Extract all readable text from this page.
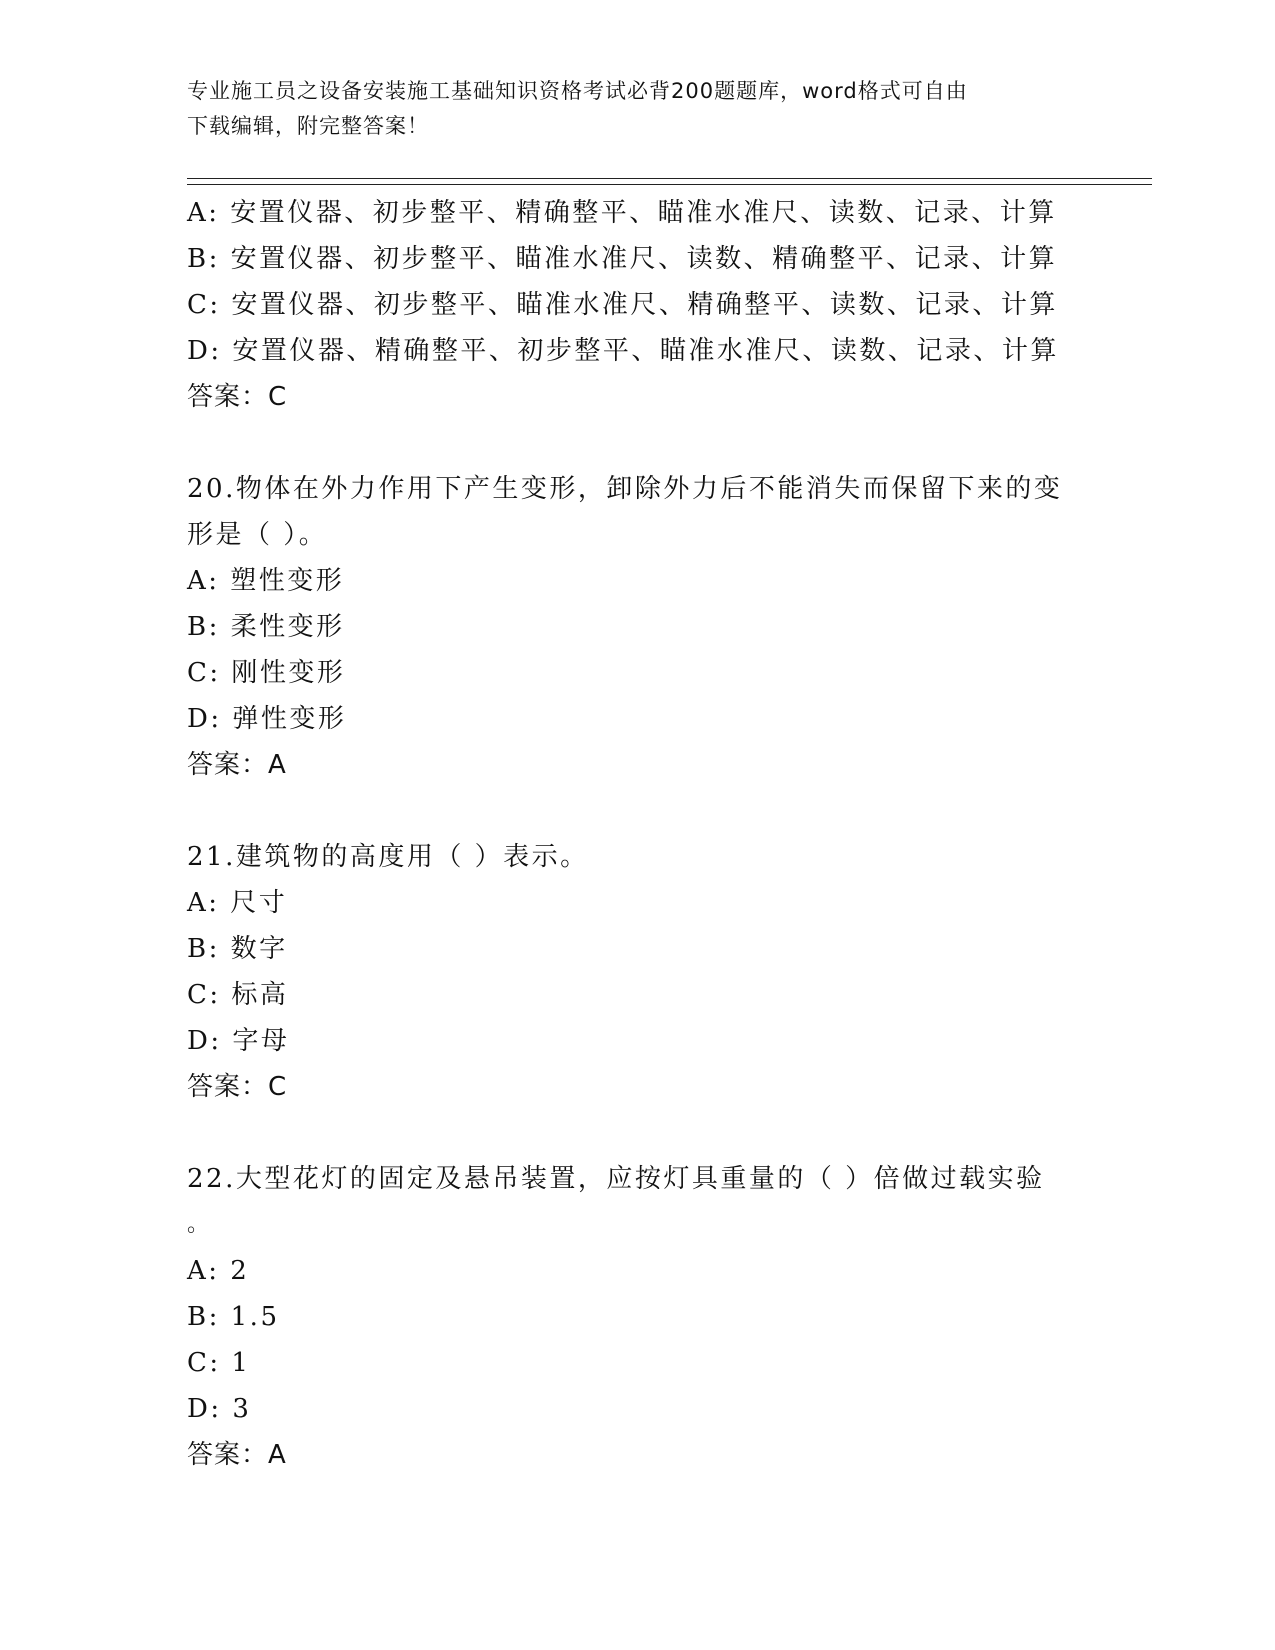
专业施工员之设备安装施工基础知识资格考试必背200题题库，word格式可自由
下载编辑，附完整答案！
A: 安置仪器、初步整平、精确整平、瞄准水准尺、读数、记录、计算
B: 安置仪器、初步整平、瞄准水准尺、读数、精确整平、记录、计算
C: 安置仪器、初步整平、瞄准水准尺、精确整平、读数、记录、计算
D: 安置仪器、精确整平、初步整平、瞄准水准尺、读数、记录、计算
答案：C
20.物体在外力作用下产生变形，卸除外力后不能消失而保留下来的变
形是（ ）。
A: 塑性变形
B: 柔性变形
C: 刚性变形
D: 弹性变形
答案：A
21.建筑物的高度用（ ）表示。
A: 尺寸
B: 数字
C: 标高
D: 字母
答案：C
22.大型花灯的固定及悬吊装置，应按灯具重量的（ ）倍做过载实验
。
A: 2
B: 1.5
C: 1
D: 3
答案：A
